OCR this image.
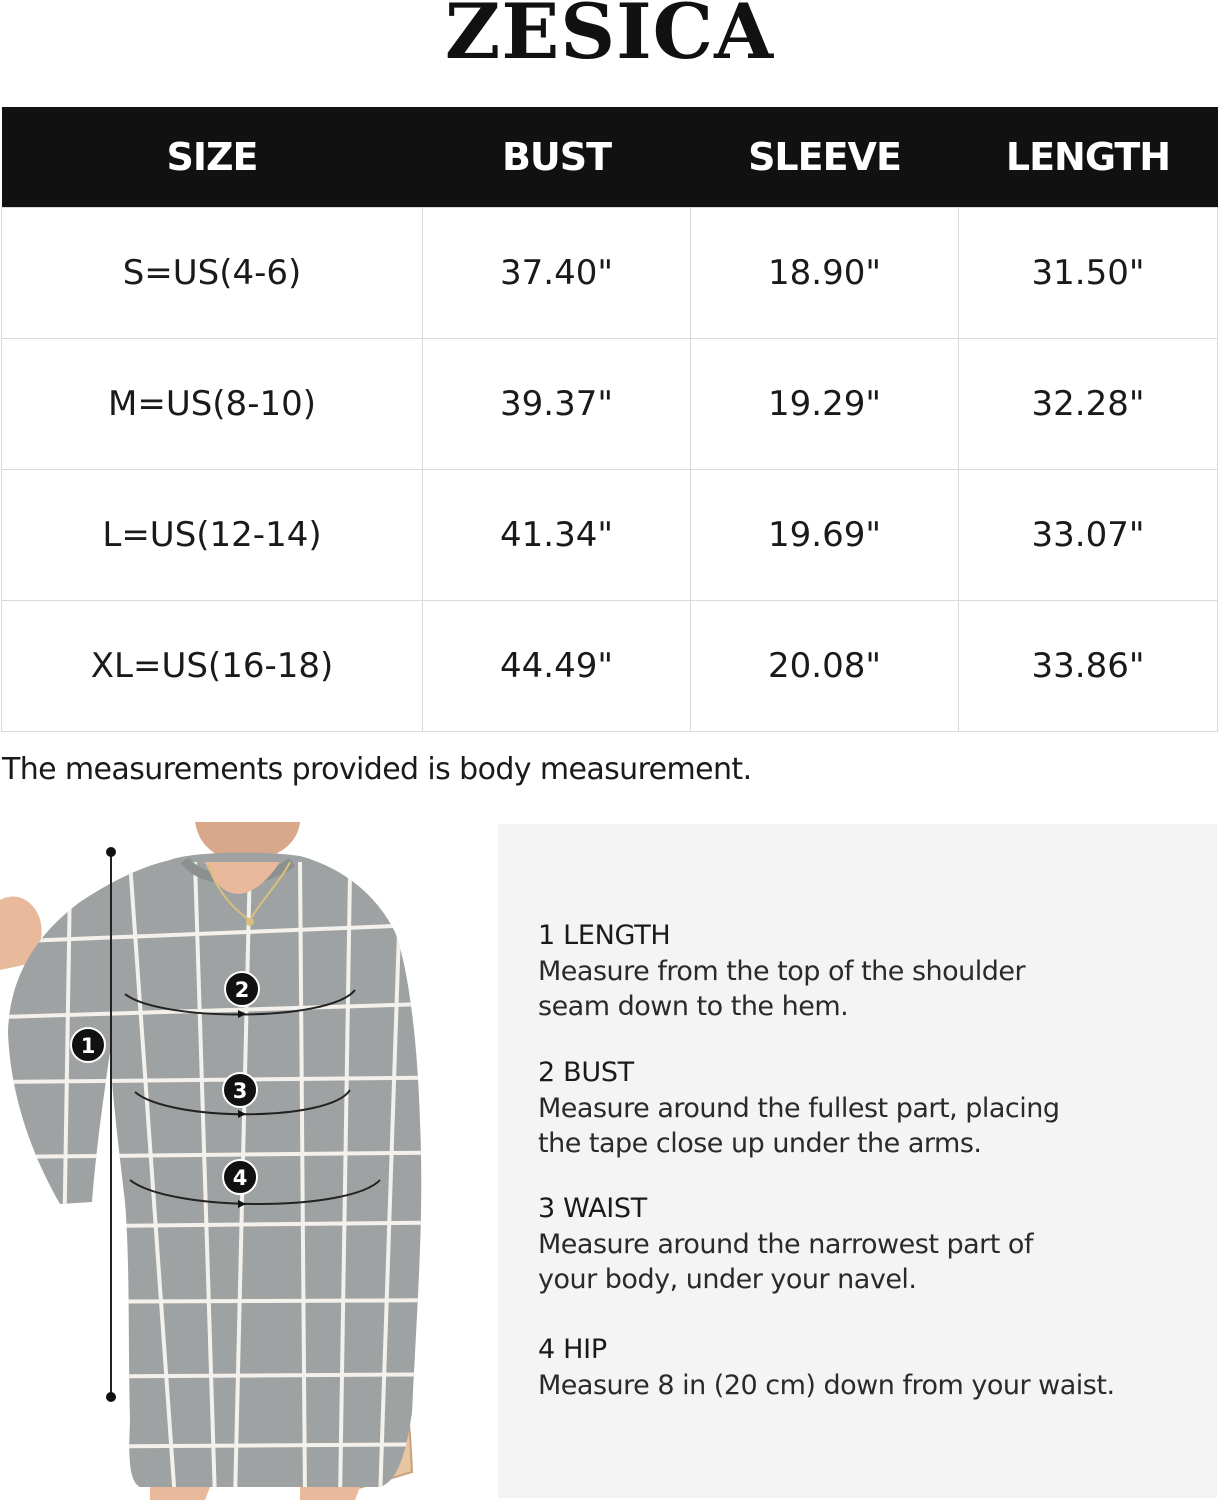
ZESICA
SIZE	BUST	SLEEVE	LENGTH
S=US(4-6)	37.40"	18.90"	31.50"
M=US(8-10)	39.37"	19.29"	32.28"
L=US(12-14)	41.34"	19.69"	33.07"
XL=US(16-18)	44.49"	20.08"	33.86"
The measurements provided is body measurement.
1
2
3
4
1 LENGTH
Measure from the top of the shoulder
seam down to the hem.
2 BUST
Measure around the fullest part, placing
the tape close up under the arms.
3 WAIST
Measure around the narrowest part of
your body, under your navel.
4 HIP
Measure 8 in (20 cm) down from your waist.
